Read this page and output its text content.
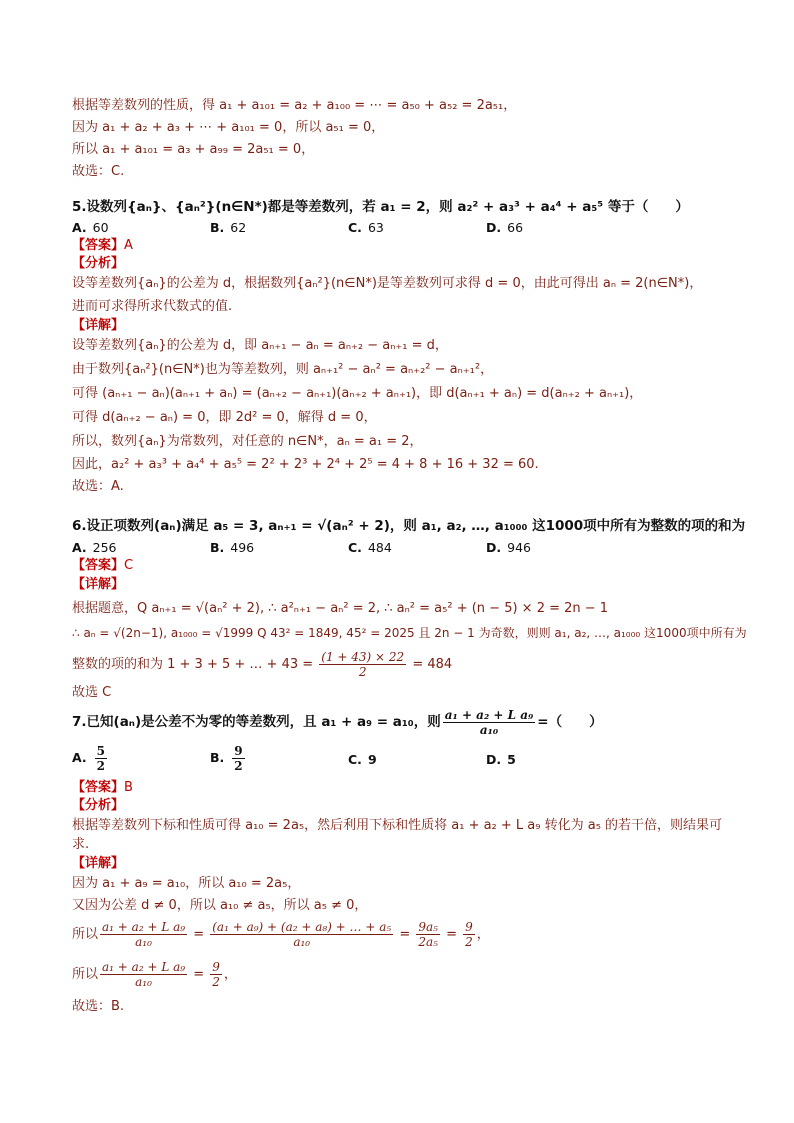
根据等差数列的性质，得 a₁ + a₁₀₁ = a₂ + a₁₀₀ = ⋯ = a₅₀ + a₅₂ = 2a₅₁，
因为 a₁ + a₂ + a₃ + ⋯ + a₁₀₁ = 0，所以 a₅₁ = 0，
所以 a₁ + a₁₀₁ = a₃ + a₉₉ = 2a₅₁ = 0，
故选：C.
5.设数列{aₙ}、{aₙ²}(n∈N*)都是等差数列，若 a₁ = 2，则 a₂² + a₃³ + a₄⁴ + a₅⁵ 等于（　　）
A. 60	B. 62	C. 63	D. 66
【答案】A
【分析】
设等差数列{aₙ}的公差为 d，根据数列{aₙ²}(n∈N*)是等差数列可求得 d = 0，由此可得出 aₙ = 2(n∈N*)，
进而可求得所求代数式的值.
【详解】
设等差数列{aₙ}的公差为 d，即 aₙ₊₁ − aₙ = aₙ₊₂ − aₙ₊₁ = d，
由于数列{aₙ²}(n∈N*)也为等差数列，则 aₙ₊₁² − aₙ² = aₙ₊₂² − aₙ₊₁²，
可得 (aₙ₊₁ − aₙ)(aₙ₊₁ + aₙ) = (aₙ₊₂ − aₙ₊₁)(aₙ₊₂ + aₙ₊₁)，即 d(aₙ₊₁ + aₙ) = d(aₙ₊₂ + aₙ₊₁)，
可得 d(aₙ₊₂ − aₙ) = 0，即 2d² = 0，解得 d = 0，
所以，数列{aₙ}为常数列，对任意的 n∈N*，aₙ = a₁ = 2，
因此，a₂² + a₃³ + a₄⁴ + a₅⁵ = 2² + 2³ + 2⁴ + 2⁵ = 4 + 8 + 16 + 32 = 60.
故选：A.
6.设正项数列(aₙ)满足 a₅ = 3, aₙ₊₁ = √(aₙ² + 2)，则 a₁, a₂, …, a₁₀₀₀ 这1000项中所有为整数的项的和为
A. 256	B. 496	C. 484	D. 946
【答案】C
【详解】
根据题意，Q aₙ₊₁ = √(aₙ² + 2), ∴ a²ₙ₊₁ − aₙ² = 2, ∴ aₙ² = a₅² + (n − 5) × 2 = 2n − 1
∴ aₙ = √(2n−1), a₁₀₀₀ = √1999 Q 43² = 1849, 45² = 2025 且 2n − 1 为奇数，则则 a₁, a₂, …, a₁₀₀₀ 这1000项中所有为
整数的项的和为 1 + 3 + 5 + … + $43 = \frac{(1 + 43) \times 22}{2} = 484$
故选 C
7.已知(aₙ)是公差不为零的等差数列，且 a₁ + a₉ = a₁₀，则 $\frac{\text{a₁ + a₂ + L a₉}}{\text{a₁₀}}$ =（　　）
A. $\frac{5}{2}$	B. $\frac{9}{2}$	C. 9	D. 5
【答案】B
【分析】
根据等差数列下标和性质可得 a₁₀ = 2a₅，然后利用下标和性质将 a₁ + a₂ + L a₉ 转化为 a₅ 的若干倍，则结果可
求.
【详解】
因为 a₁ + a₉ = a₁₀，所以 a₁₀ = 2a₅，
又因为公差 d ≠ 0，所以 a₁₀ ≠ a₅，所以 a₅ ≠ 0，
所以 $\frac{\text{a₁ + a₂ + L a₉}}{\text{a₁₀}} = \frac{\text{(a₁ + a₉) + (a₂ + a₈) + … + a₅}}{\text{a₁₀}} = \frac{\text{9a₅}}{\text{2a₅}} = \frac{9}{2}$ ，
所以 $\frac{\text{a₁ + a₂ + L a₉}}{\text{a₁₀}} = \frac{9}{2}$ ，
故选：B.
